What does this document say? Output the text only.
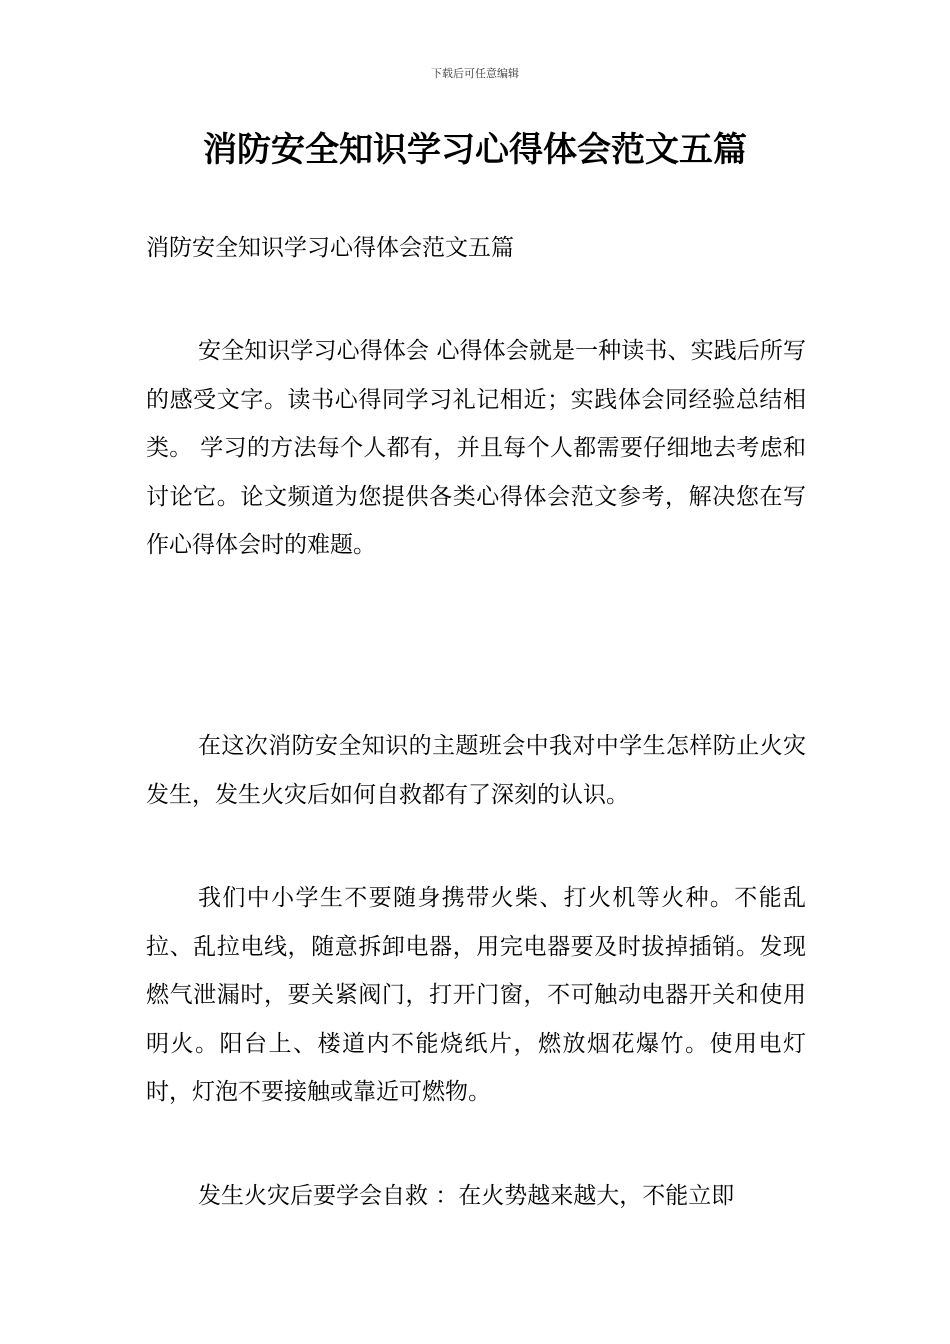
下载后可任意编辑
消防安全知识学习心得体会范文五篇

消防安全知识学习心得体会范文五篇

安全知识学习心得体会 心得体会就是一种读书、实践后所写的感受文字。读书心得同学习礼记相近；实践体会同经验总结相类。 学习的方法每个人都有，并且每个人都需要仔细地去考虑和讨论它。论文频道为您提供各类心得体会范文参考，解决您在写作心得体会时的难题。

在这次消防安全知识的主题班会中我对中学生怎样防止火灾发生，发生火灾后如何自救都有了深刻的认识。

我们中小学生不要随身携带火柴、打火机等火种。不能乱拉、乱拉电线，随意拆卸电器，用完电器要及时拔掉插销。发现燃气泄漏时，要关紧阀门，打开门窗，不可触动电器开关和使用明火。阳台上、楼道内不能烧纸片，燃放烟花爆竹。使用电灯时，灯泡不要接触或靠近可燃物。

发生火灾后要学会自救 ：在火势越来越大，不能立即
